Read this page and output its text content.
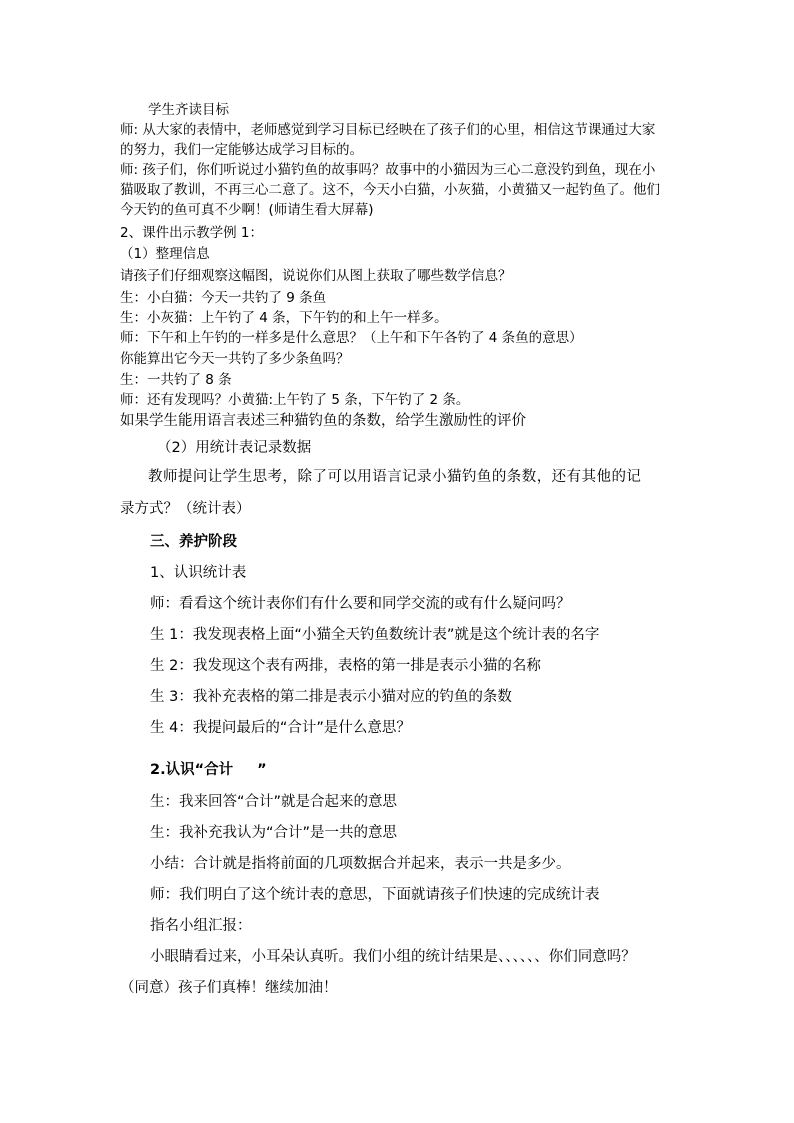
学生齐读目标

师: 从大家的表情中，老师感觉到学习目标已经映在了孩子们的心里，相信这节课通过大家

的努力，我们一定能够达成学习目标的。

师: 孩子们，你们听说过小猫钓鱼的故事吗？故事中的小猫因为三心二意没钓到鱼，现在小

猫吸取了教训，不再三心二意了。这不，今天小白猫，小灰猫，小黄猫又一起钓鱼了。他们

今天钓的鱼可真不少啊！(师请生看大屏幕)

2、课件出示教学例 1：

（1）整理信息

请孩子们仔细观察这幅图，说说你们从图上获取了哪些数学信息？

生：小白猫：今天一共钓了 9 条鱼

生：小灰猫：上午钓了 4 条，下午钓的和上午一样多。

师：下午和上午钓的一样多是什么意思？（上午和下午各钓了 4 条鱼的意思）

你能算出它今天一共钓了多少条鱼吗？

生：一共钓了 8 条

师：还有发现吗？小黄猫:上午钓了 5 条，下午钓了 2 条。

如果学生能用语言表述三种猫钓鱼的条数，给学生激励性的评价

（2）用统计表记录数据

教师提问让学生思考，除了可以用语言记录小猫钓鱼的条数，还有其他的记

录方式？（统计表）

三、养护阶段

1、认识统计表

师：看看这个统计表你们有什么要和同学交流的或有什么疑问吗？

生 1：我发现表格上面“小猫全天钓鱼数统计表”就是这个统计表的名字

生 2：我发现这个表有两排，表格的第一排是表示小猫的名称

生 3：我补充表格的第二排是表示小猫对应的钓鱼的条数

生 4：我提问最后的“合计”是什么意思？

2.认识“合计 ”

生：我来回答“合计”就是合起来的意思

生：我补充我认为“合计”是一共的意思

小结：合计就是指将前面的几项数据合并起来，表示一共是多少。

师：我们明白了这个统计表的意思，下面就请孩子们快速的完成统计表

指名小组汇报：

小眼睛看过来，小耳朵认真听。我们小组的统计结果是、、、、、、你们同意吗？

（同意）孩子们真棒！继续加油！
